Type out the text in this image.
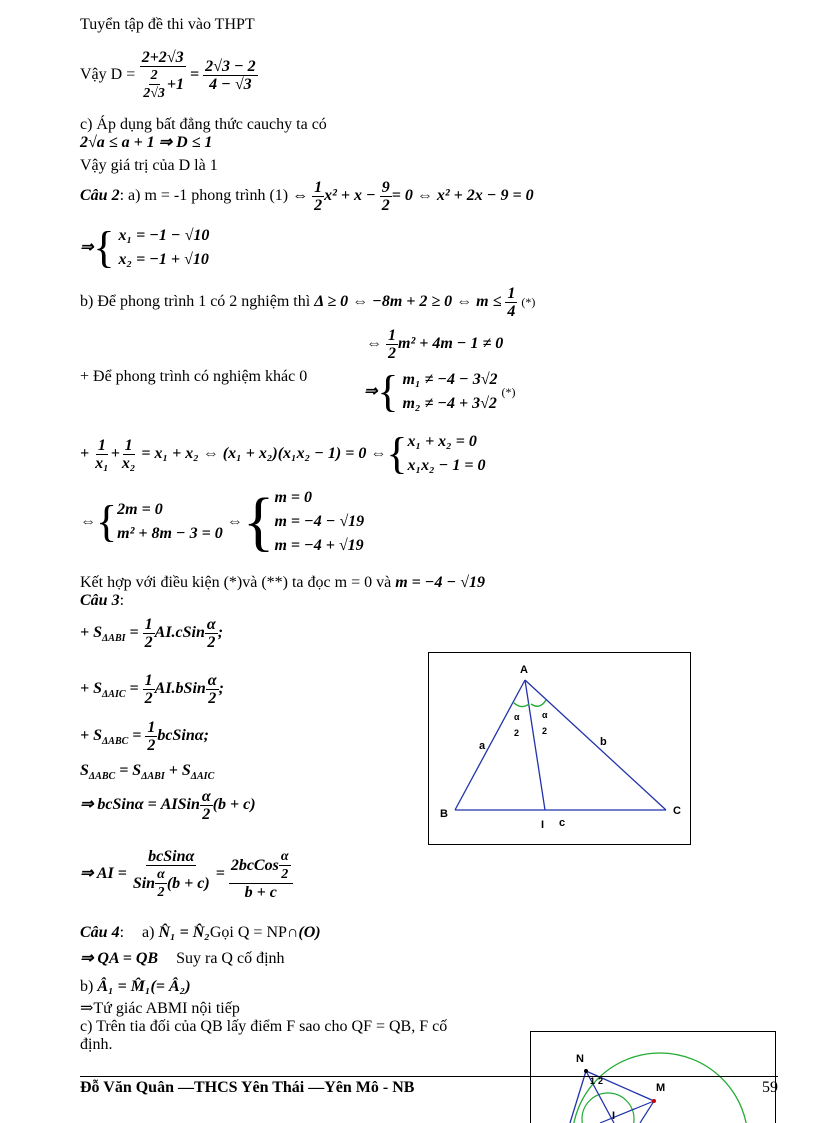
Tuyển tập đề thi vào THPT
Vậy D = 2+2√3
2
2√3
$+1 = \frac{2√3 - 2}{4 - √3}$
c) Áp dụng bất đẳng thức cauchy ta có
2√a ≤ a + 1 ⇒ D ≤ 1
Vậy giá trị của D là 1
Câu 2: a) m = -1 phong trình (1) ⇔ $\frac{1}{2} x^2 + x - \frac{9}{2} = 0$ ⇔ x² + 2x − 9 = 0
⇒{ x₁ = −1 − √10
x₂ = −1 + √10
b) Để phong trình 1 có 2 nghiệm thì Δ ≥ 0 ⇔ −8m + 2 ≥ 0 ⇔ $m \le \frac{1}{4}$ (*)
⇔ $\frac{1}{2} m^2 + 4m - 1 \ne 0$
+ Để phong trình có nghiệm khác 0
⇒{ m₁ ≠ −4 − 3√2
m₂ ≠ −4 + 3√2
(*)
+ $\frac{1}{\text{x₁}} + \frac{1}{\text{x₂}} = x_1 + x_2$ ⇔ (x₁ + x₂)(x₁x₂ − 1) = 0 ⇔{ x₁ + x₂ = 0
x₁x₂ − 1 = 0
⇔{ 2m = 0
m² + 8m − 3 = 0
⇔{ m = 0
m = −4 − √19
m = −4 + √19
Kết hợp với điều kiện (*)và (**) ta đọc m = 0 và m = −4 − √19
Câu 3:
+ $S_{\Delta ABI} = \frac{1}{2}$ AI.cSin $\frac{\alpha}{2}$ ;
+ $S_{\Delta AIC} = \frac{1}{2}$ AI.bSin $\frac{\alpha}{2}$ ;
+ $S_{\Delta ABC} = \frac{1}{2}$ bcSinα;
$S_{\Delta ABC} = S_{\Delta ABI} + S_{\Delta AIC}$
⇒ bcSinα = AISin $\frac{\alpha}{2} (b + c)$
⇒ AI =
bcSinα
Sin
α
2
(b + c)
= 2bcCos
α
2
b + c
A
B	C
I
a	b
c
α
2
α
2
Câu 4: a) N̂₁ = N̂₂Gọi Q = NP∩(O)
⇒ QA = QB Suy ra Q cố định
b) Â₁ = M̂₁(= Â₂)
⇒Tứ giác ABMI nội tiếp
c) Trên tia đối của QB lấy điểm F sao cho QF = QB, F cố
định.
N
M
I
1 2
Đỗ Văn Quân —THCS Yên Thái —Yên Mô - NB	59
